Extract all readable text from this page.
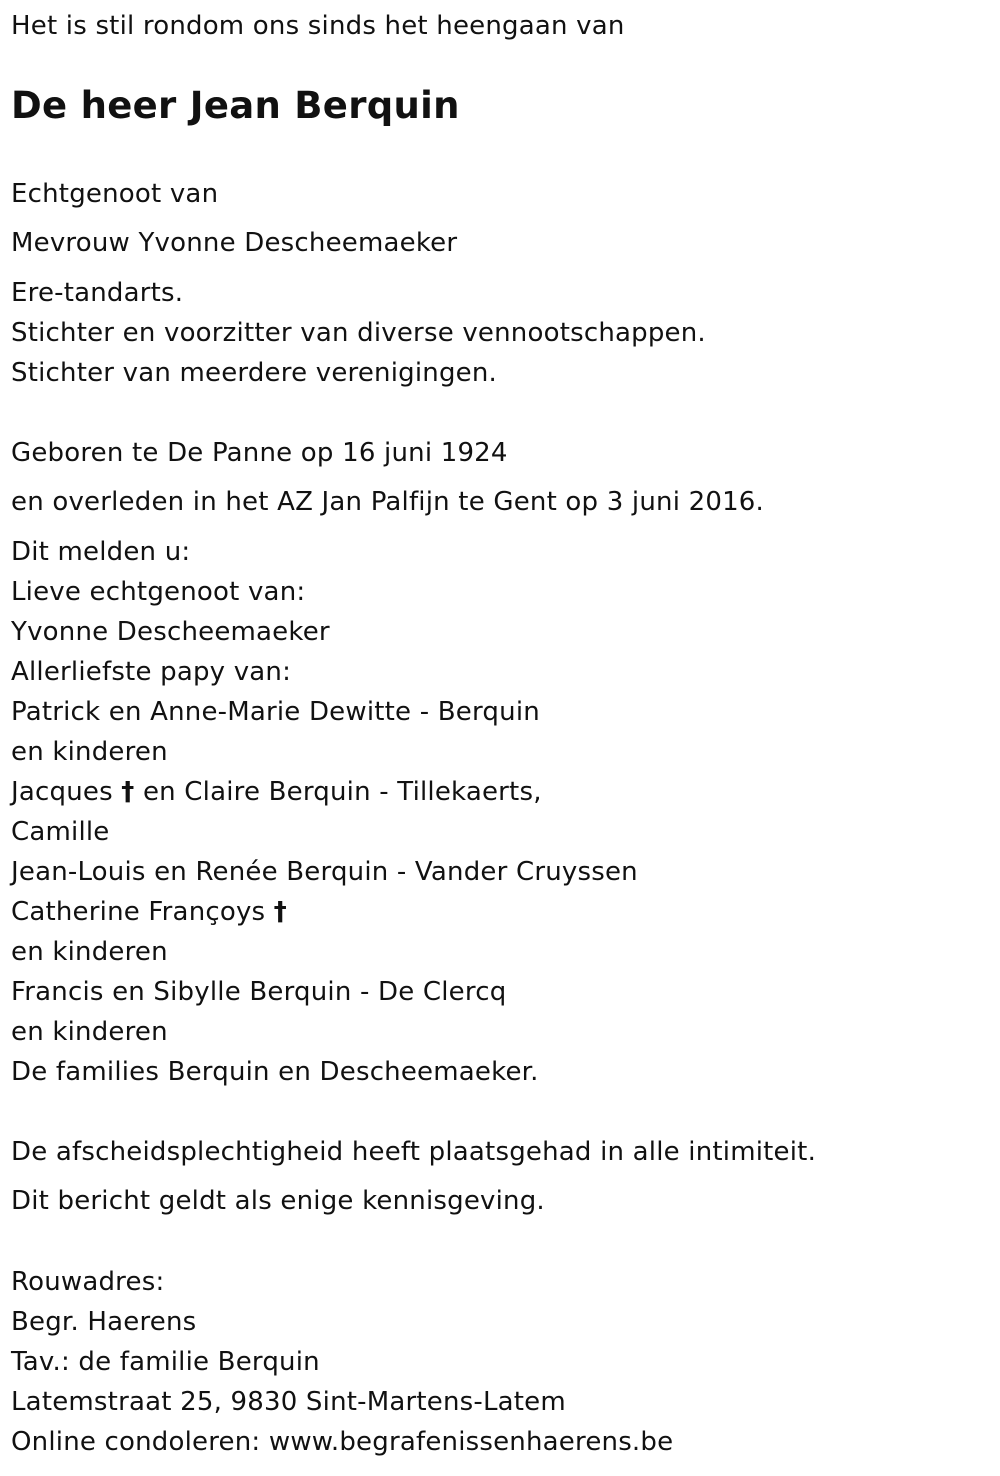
Het is stil rondom ons sinds het heengaan van
De heer Jean Berquin
Echtgenoot van
Mevrouw Yvonne Descheemaeker
Ere-tandarts.
Stichter en voorzitter van diverse vennootschappen.
Stichter van meerdere verenigingen.
Geboren te De Panne op 16 juni 1924
en overleden in het AZ Jan Palfijn te Gent op 3 juni 2016.
Dit melden u:
Lieve echtgenoot van:
Yvonne Descheemaeker
Allerliefste papy van:
Patrick en Anne-Marie Dewitte - Berquin
en kinderen
Jacques † en Claire Berquin - Tillekaerts,
Camille
Jean-Louis en Renée Berquin - Vander Cruyssen
Catherine Françoys †
en kinderen
Francis en Sibylle Berquin - De Clercq
en kinderen
De families Berquin en Descheemaeker.
De afscheidsplechtigheid heeft plaatsgehad in alle intimiteit.
Dit bericht geldt als enige kennisgeving.
Rouwadres:
Begr. Haerens
Tav.: de familie Berquin
Latemstraat 25, 9830 Sint-Martens-Latem
Online condoleren: www.begrafenissenhaerens.be
